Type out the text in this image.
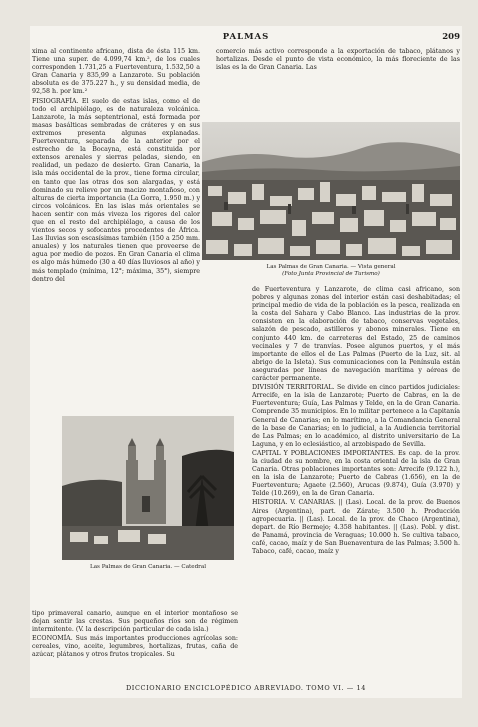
PALMAS	209

xima al continente africano, dista de ésta 115 km. Tiene una super. de 4.099,74 km.², de los cuales corresponden 1.731,25 a Fuerteventura, 1.532,50 a Gran Canaria y 835,99 a Lanzarote. Su población absoluta es de 375.227 h., y su densidad media, de 92,58 h. por km.²

FISIOGRAFÍA. El suelo de estas islas, como el de todo el archipiélago, es de naturaleza volcánica. Lanzarote, la más septentrional, está formada por masas basálticas sembradas de cráteres y en sus extremos presenta algunas explanadas. Fuerteventura, separada de la anterior por el estrecho de la Bocayna, está constituida por extensos arenales y sierras peladas, siendo, en realidad, un pedazo de desierto. Gran Canaria, la isla más occidental de la prov., tiene forma circular, en tanto que las otras dos son alargadas, y está dominado su relieve por un macizo montañoso, con alturas de cierta importancia (La Gorra, 1.950 m.) y circos volcánicos. En las islas más orientales se hacen sentir con más viveza los rigores del calor que en el resto del archipiélago, a causa de los vientos secos y sofocantes procedentes de África. Las lluvias son escasísimas también (150 a 250 mm. anuales) y los naturales tienen que proveerse de agua por medio de pozos. En Gran Canaria el clima es algo más húmedo (30 a 40 días lluviosos al año) y más templado (mínima, 12°; máxima, 35°), siempre dentro del

Las Palmas de Gran Canaria. — Vista general
(Foto Junta Provincial de Turismo)

comercio más activo corresponde a la exportación de tabaco, plátanos y hortalizas. Desde el punto de vista económico, la más floreciente de las islas es la de Gran Canaria. Las

de Fuerteventura y Lanzarote, de clima casi africano, son pobres y algunas zonas del interior están casi deshabitadas; el principal medio de vida de la población es la pesca, realizada en la costa del Sahara y Cabo Blanco. Las industrias de la prov. consisten en la elaboración de tabaco, conservas vegetales, salazón de pescado, astilleros y abonos minerales. Tiene en conjunto 440 km. de carreteras del Estado, 25 de caminos vecinales y 7 de tranvías. Posee algunos puertos, y el más importante de ellos el de Las Palmas (Puerto de la Luz, sit. al abrigo de la Isleta). Sus comunicaciones con la Península están aseguradas por líneas de navegación marítima y aéreas de carácter permanente.

DIVISIÓN TERRITORIAL. Se divide en cinco partidos judiciales: Arrecife, en la isla de Lanzarote; Puerto de Cabras, en la de Fuerteventura; Guía, Las Palmas y Telde, en la de Gran Canaria. Comprende 35 municipios. En lo militar pertenece a la Capitanía General de Canarias; en lo marítimo, a la Comandancia General de la base de Canarias; en lo judicial, a la Audiencia territorial de Las Palmas; en lo académico, al distrito universitario de La Laguna, y en lo eclesiástico, al arzobispado de Sevilla.

CAPITAL Y POBLACIONES IMPORTANTES. Es cap. de la prov. la ciudad de su nombre, en la costa oriental de la isla de Gran Canaria. Otras poblaciones importantes son: Arrecife (9.122 h.), en la isla de Lanzarote; Puerto de Cabras (1.656), en la de Fuerteventura; Agaete (2.560), Arucas (9.874), Guía (3.970) y Telde (10.269), en la de Gran Canaria.

HISTORIA. V. CANARIAS. || (Las). Local. de la prov. de Buenos Aires (Argentina), part. de Zárate; 3.500 h. Producción agropecuaria. || (Las). Local. de la prov. de Chaco (Argentina), depart. de Río Bermejo; 4.358 habitantes. || (Las). Pobl. y dist. de Panamá, provincia de Veraguas; 10.000 h. Se cultiva tabaco, café, cacao, maíz y de San Buenaventura de las Palmas; 3.500 h. Tabaco, café, cacao, maíz y

Las Palmas de Gran Canaria. — Catedral

tipo primaveral canario, aunque en el interior montañoso se dejan sentir las crestas. Sus pequeños ríos son de régimen intermitente. (V. la descripción particular de cada isla.)

ECONOMÍA. Sus más importantes producciones agrícolas son: cereales, vino, aceite, legumbres, hortalizas, frutas, caña de azúcar, plátanos y otros frutos tropicales. Su

DICCIONARIO ENCICLOPÉDICO ABREVIADO. TOMO VI. — 14
